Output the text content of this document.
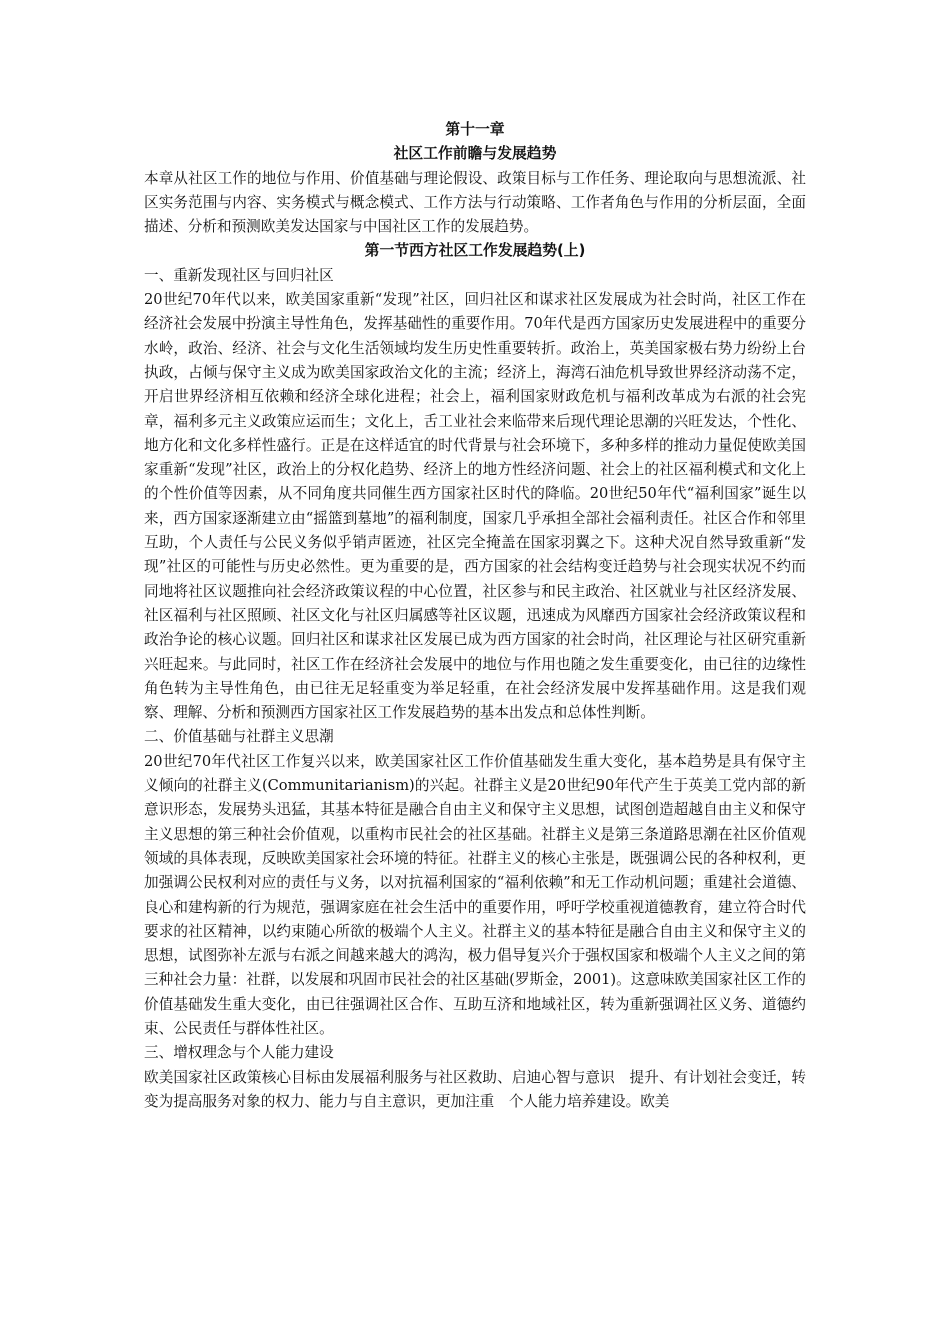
第十一章

社区工作前瞻与发展趋势

本章从社区工作的地位与作用、价值基础与理论假设、政策目标与工作任务、理论取向与思想流派、社区实务范围与内容、实务模式与概念模式、工作方法与行动策略、工作者角色与作用的分析层面，全面描述、分析和预测欧美发达国家与中国社区工作的发展趋势。

第一节西方社区工作发展趋势(上)

一、重新发现社区与回归社区

20世纪70年代以来，欧美国家重新“发现”社区，回归社区和谋求社区发展成为社会时尚，社区工作在经济社会发展中扮演主导性角色，发挥基础性的重要作用。70年代是西方国家历史发展进程中的重要分水岭，政治、经济、社会与文化生活领域均发生历史性重要转折。政治上，英美国家极右势力纷纷上台执政，占倾与保守主义成为欧美国家政治文化的主流；经济上，海湾石油危机导致世界经济动荡不定，开启世界经济相互依赖和经济全球化进程；社会上，福利国家财政危机与福利改革成为右派的社会宪章，福利多元主义政策应运而生；文化上，舌工业社会来临带来后现代理论思潮的兴旺发达，个性化、地方化和文化多样性盛行。正是在这样适宜的时代背景与社会环境下，多种多样的推动力量促使欧美国家重新“发现”社区，政治上的分权化趋势、经济上的地方性经济问题、社会上的社区福利模式和文化上的个性价值等因素，从不同角度共同催生西方国家社区时代的降临。20世纪50年代“福利国家”诞生以来，西方国家逐渐建立由“摇篮到墓地”的福利制度，国家几乎承担全部社会福利责任。社区合作和邻里互助，个人责任与公民义务似乎销声匿迹，社区完全掩盖在国家羽翼之下。这种犬况自然导致重新“发现”社区的可能性与历史必然性。更为重要的是，西方国家的社会结构变迁趋势与社会现实状况不约而同地将社区议题推向社会经济政策议程的中心位置，社区参与和民主政治、社区就业与社区经济发展、社区福利与社区照顾、社区文化与社区归属感等社区议题，迅速成为风靡西方国家社会经济政策议程和政治争论的核心议题。回归社区和谋求社区发展已成为西方国家的社会时尚，社区理论与社区研究重新兴旺起来。与此同时，社区工作在经济社会发展中的地位与作用也随之发生重要变化，由已往的边缘性角色转为主导性角色，由已往无足轻重变为举足轻重，在社会经济发展中发挥基础作用。这是我们观察、理解、分析和预测西方国家社区工作发展趋势的基本出发点和总体性判断。

二、价值基础与社群主义思潮

20世纪70年代社区工作复兴以来，欧美国家社区工作价值基础发生重大变化，基本趋势是具有保守主义倾向的社群主义(Communitarianism)的兴起。社群主义是20世纪90年代产生于英美工党内部的新意识形态，发展势头迅猛，其基本特征是融合自由主义和保守主义思想，试图创造超越自由主义和保守主义思想的第三种社会价值观，以重构市民社会的社区基础。社群主义是第三条道路思潮在社区价值观领域的具体表现，反映欧美国家社会环境的特征。社群主义的核心主张是，既强调公民的各种权利，更加强调公民权利对应的责任与义务，以对抗福利国家的“福利依赖”和无工作动机问题；重建社会道德、良心和建构新的行为规范，强调家庭在社会生活中的重要作用，呼吁学校重视道德教育，建立符合时代要求的社区精神，以约束随心所欲的极端个人主义。社群主义的基本特征是融合自由主义和保守主义的思想，试图弥补左派与右派之间越来越大的鸿沟，极力倡导复兴介于强权国家和极端个人主义之间的第三种社会力量：社群，以发展和巩固市民社会的社区基础(罗斯金，2001)。这意味欧美国家社区工作的价值基础发生重大变化，由已往强调社区合作、互助互济和地域社区，转为重新强调社区义务、道德约束、公民责任与群体性社区。

三、增权理念与个人能力建设

欧美国家社区政策核心目标由发展福利服务与社区救助、启迪心智与意识　提升、有计划社会变迁，转变为提高服务对象的权力、能力与自主意识，更加注重　个人能力培养建设。欧美
